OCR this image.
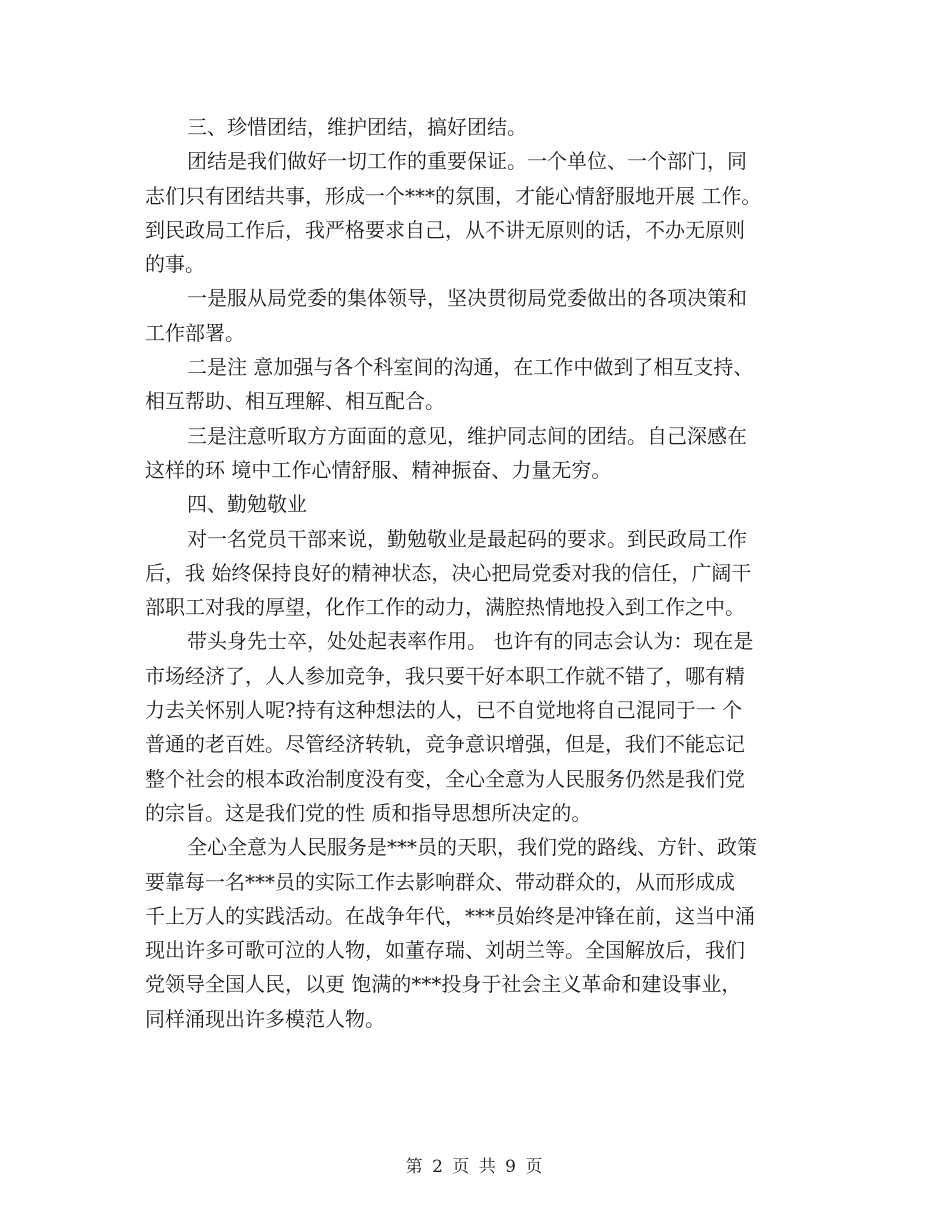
三、珍惜团结，维护团结，搞好团结。
团结是我们做好一切工作的重要保证。一个单位、一个部门，同
志们只有团结共事，形成一个***的氛围，才能心情舒服地开展 工作。
到民政局工作后，我严格要求自己，从不讲无原则的话，不办无原则
的事。
一是服从局党委的集体领导，坚决贯彻局党委做出的各项决策和
工作部署。
二是注 意加强与各个科室间的沟通，在工作中做到了相互支持、
相互帮助、相互理解、相互配合。
三是注意听取方方面面的意见，维护同志间的团结。自己深感在
这样的环 境中工作心情舒服、精神振奋、力量无穷。
四、勤勉敬业
对一名党员干部来说，勤勉敬业是最起码的要求。到民政局工作
后，我 始终保持良好的精神状态，决心把局党委对我的信任，广阔干
部职工对我的厚望，化作工作的动力，满腔热情地投入到工作之中。
带头身先士卒，处处起表率作用。 也许有的同志会认为：现在是
市场经济了，人人参加竞争，我只要干好本职工作就不错了，哪有精
力去关怀别人呢?持有这种想法的人，已不自觉地将自己混同于一 个
普通的老百姓。尽管经济转轨，竞争意识增强，但是，我们不能忘记
整个社会的根本政治制度没有变，全心全意为人民服务仍然是我们党
的宗旨。这是我们党的性 质和指导思想所决定的。
全心全意为人民服务是***员的天职，我们党的路线、方针、政策
要靠每一名***员的实际工作去影响群众、带动群众的，从而形成成
千上万人的实践活动。在战争年代，***员始终是冲锋在前，这当中涌
现出许多可歌可泣的人物，如董存瑞、刘胡兰等。全国解放后，我们
党领导全国人民，以更 饱满的***投身于社会主义革命和建设事业，
同样涌现出许多模范人物。
第 2 页 共 9 页
